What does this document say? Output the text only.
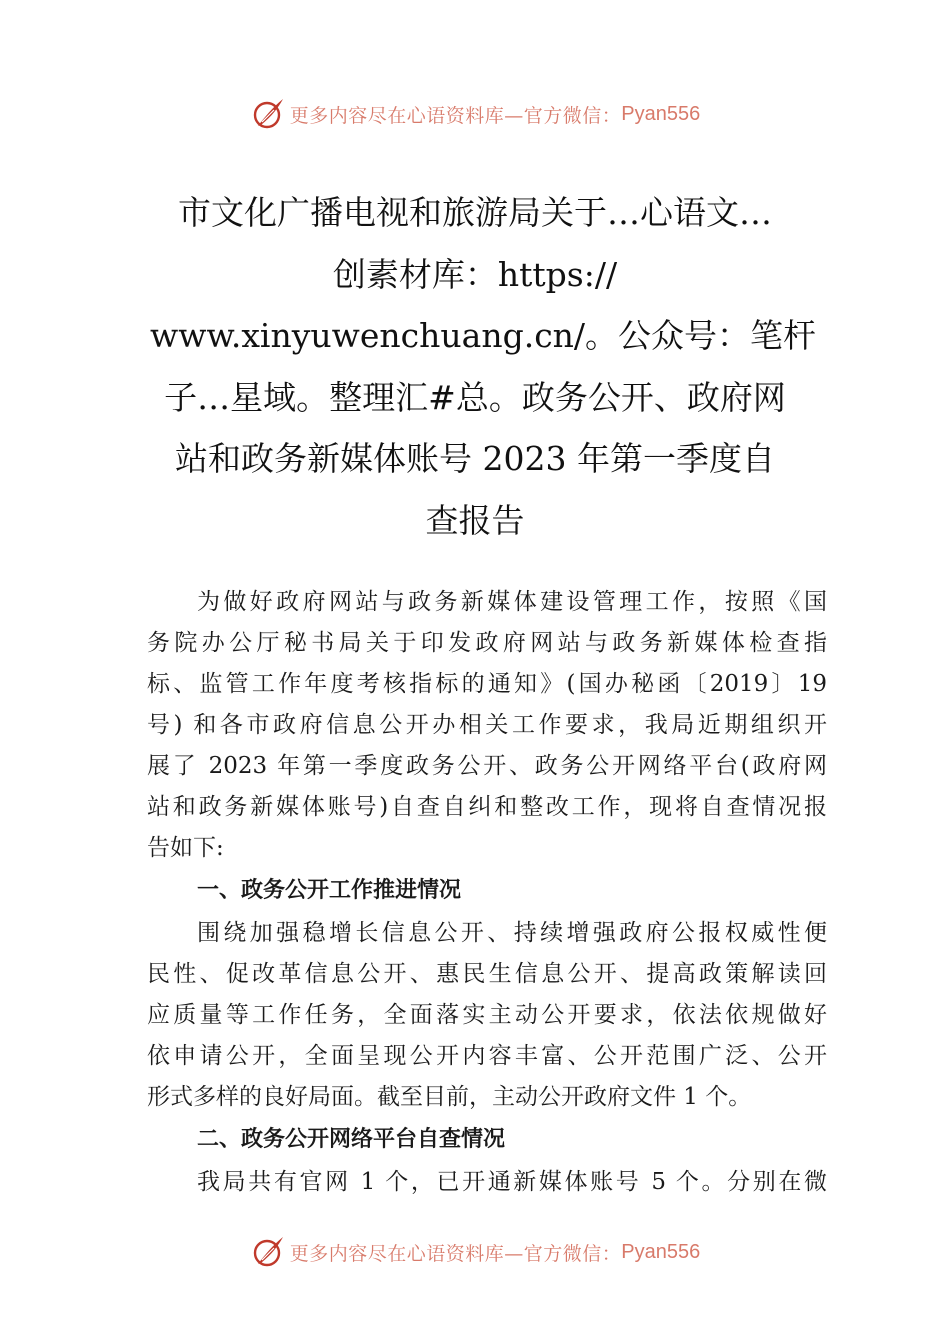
更多内容尽在心语资料库—官方微信： Pyan556
市文化广播电视和旅游局关于…心语文…
创素材库：https://
www.xinyuwenchuang.cn/。公众号：笔杆
子…星域。整理汇#总。政务公开、政府网
站和政务新媒体账号 2023 年第一季度自
查报告
为做好政府网站与政务新媒体建设管理工作，按照《国
务院办公厅秘书局关于印发政府网站与政务新媒体检查指
标、监管工作年度考核指标的通知》(国办秘函〔2019〕19
号) 和各市政府信息公开办相关工作要求，我局近期组织开
展了 2023 年第一季度政务公开、政务公开网络平台(政府网
站和政务新媒体账号)自查自纠和整改工作，现将自查情况报
告如下:
一、政务公开工作推进情况
围绕加强稳增长信息公开、持续增强政府公报权威性便
民性、促改革信息公开、惠民生信息公开、提高政策解读回
应质量等工作任务，全面落实主动公开要求，依法依规做好
依申请公开，全面呈现公开内容丰富、公开范围广泛、公开
形式多样的良好局面。截至目前，主动公开政府文件 1 个。
二、政务公开网络平台自查情况
我局共有官网 1 个，已开通新媒体账号 5 个。分别在微
更多内容尽在心语资料库—官方微信： Pyan556
